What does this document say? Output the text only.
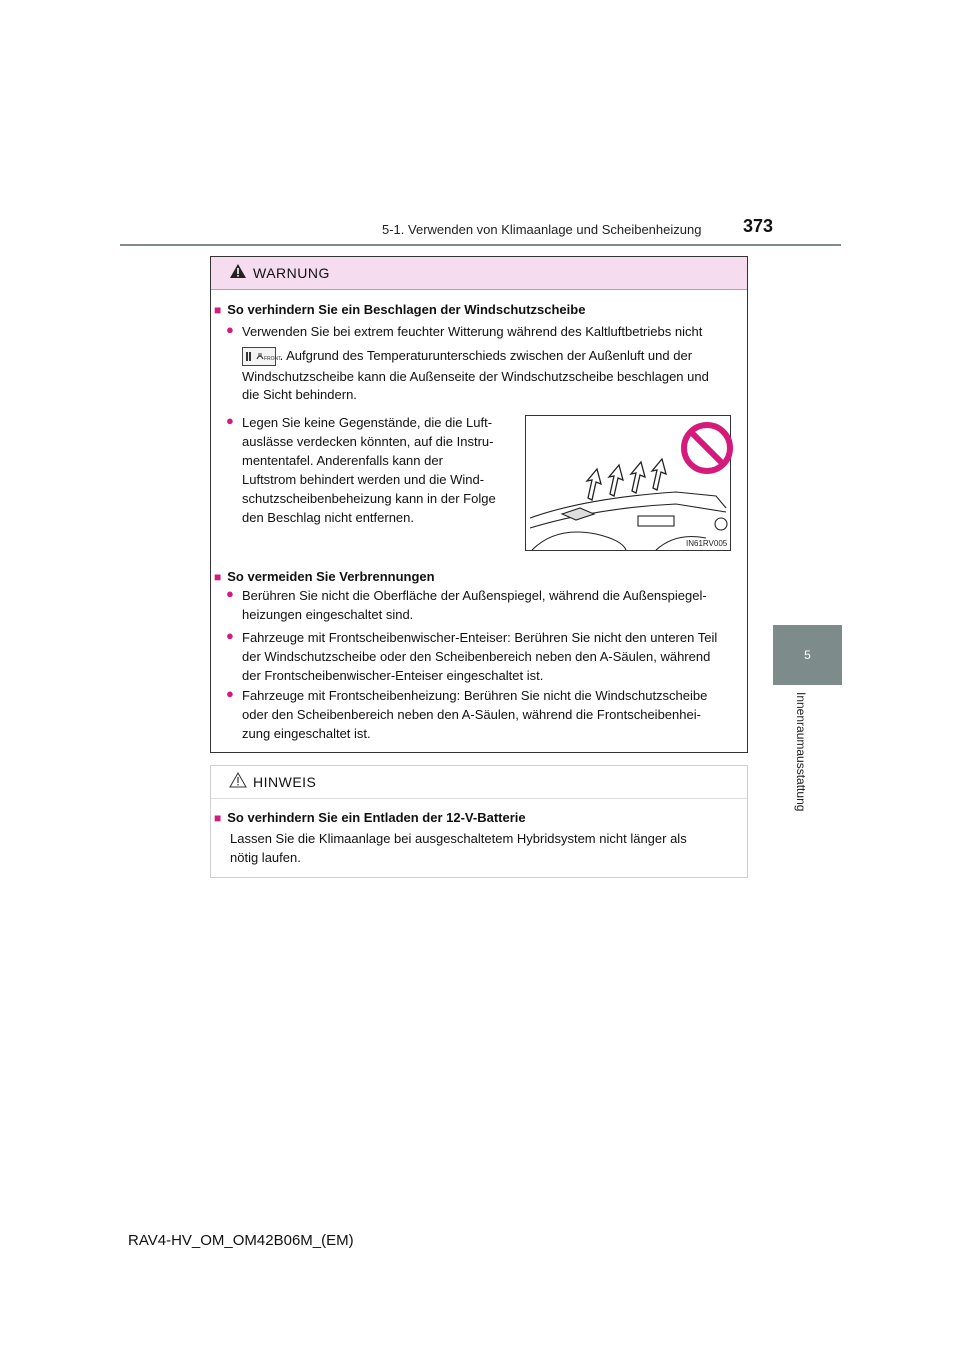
5-1. Verwenden von Klimaanlage und Scheibenheizung 373
5
Innenraumausstattung
WARNUNG
■ So verhindern Sie ein Beschlagen der Windschutzscheibe
● Verwenden Sie bei extrem feuchter Witterung während des Kaltluftbetriebs nicht
FRONT
. Aufgrund des Temperaturunterschieds zwischen der Außenluft und der
Windschutzscheibe kann die Außenseite der Windschutzscheibe beschlagen und
die Sicht behindern.
● Legen Sie keine Gegenstände, die die Luft-
auslässe verdecken könnten, auf die Instru-
mententafel. Anderenfalls kann der
Luftstrom behindert werden und die Wind-
schutzscheibenbeheizung kann in der Folge
den Beschlag nicht entfernen.
IN61RV005
■ So vermeiden Sie Verbrennungen
● Berühren Sie nicht die Oberfläche der Außenspiegel, während die Außenspiegel-
heizungen eingeschaltet sind.
● Fahrzeuge mit Frontscheibenwischer-Enteiser: Berühren Sie nicht den unteren Teil
der Windschutzscheibe oder den Scheibenbereich neben den A-Säulen, während
der Frontscheibenwischer-Enteiser eingeschaltet ist.
● Fahrzeuge mit Frontscheibenheizung: Berühren Sie nicht die Windschutzscheibe
oder den Scheibenbereich neben den A-Säulen, während die Frontscheibenhei-
zung eingeschaltet ist.
HINWEIS
■ So verhindern Sie ein Entladen der 12-V-Batterie
Lassen Sie die Klimaanlage bei ausgeschaltetem Hybridsystem nicht länger als
nötig laufen.
RAV4-HV_OM_OM42B06M_(EM)
